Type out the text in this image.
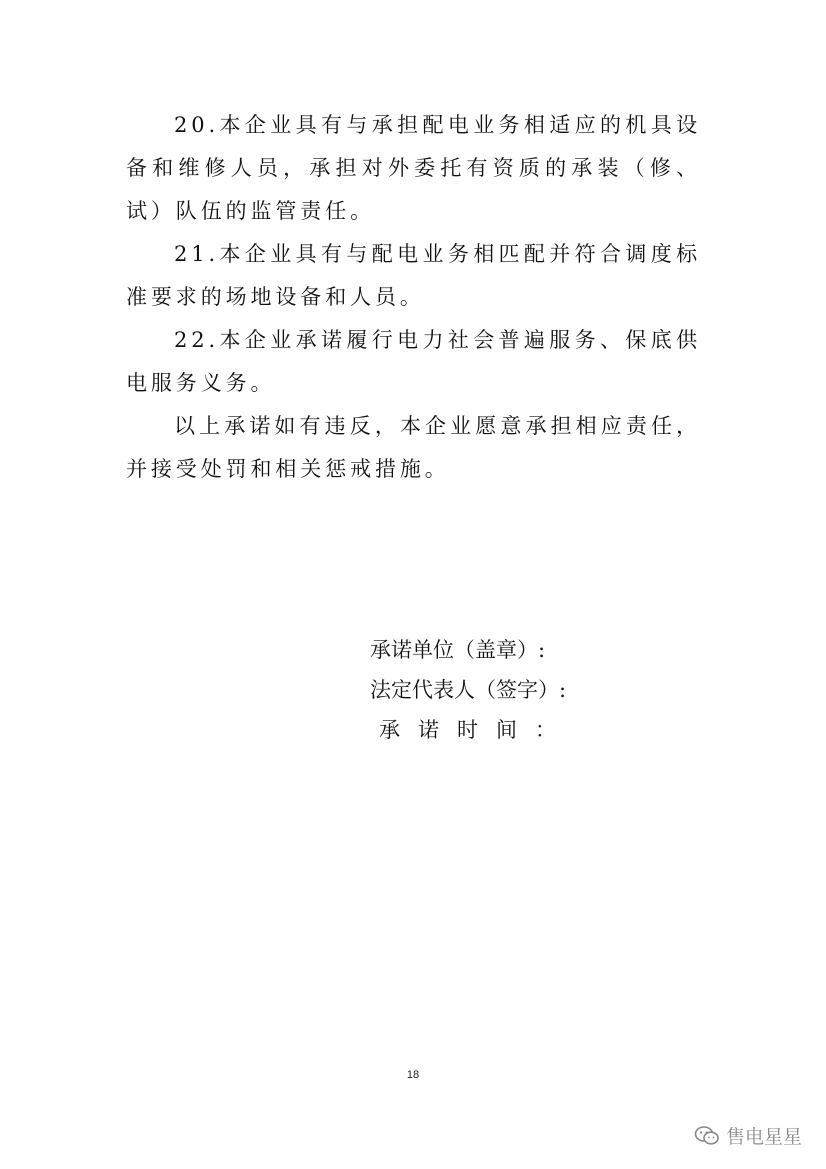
20.本企业具有与承担配电业务相适应的机具设备和维修人员，承担对外委托有资质的承装（修、试）队伍的监管责任。

21.本企业具有与配电业务相匹配并符合调度标准要求的场地设备和人员。

22.本企业承诺履行电力社会普遍服务、保底供电服务义务。

以上承诺如有违反，本企业愿意承担相应责任，并接受处罚和相关惩戒措施。

承诺单位（盖章）:
法定代表人（签字）:
承诺时间：
18
售电星星
